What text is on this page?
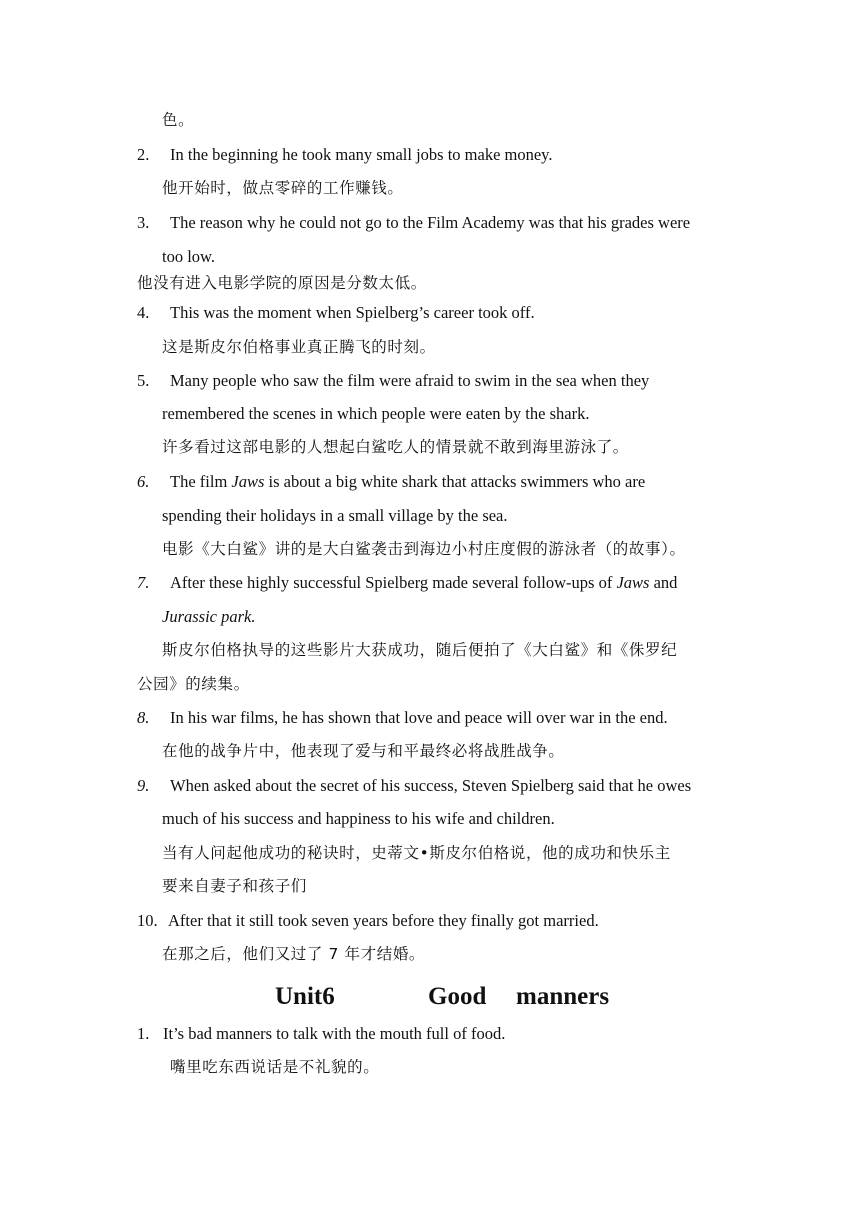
色。
2. In the beginning he took many small jobs to make money.
他开始时，做点零碎的工作赚钱。
3. The reason why he could not go to the Film Academy was that his grades were
too low.
他没有进入电影学院的原因是分数太低。
4. This was the moment when Spielberg’s career took off.
这是斯皮尔伯格事业真正腾飞的时刻。
5. Many people who saw the film were afraid to swim in the sea when they
remembered the scenes in which people were eaten by the shark.
许多看过这部电影的人想起白鲨吃人的情景就不敢到海里游泳了。
6. The film Jaws is about a big white shark that attacks swimmers who are
spending their holidays in a small village by the sea.
电影《大白鲨》讲的是大白鲨袭击到海边小村庄度假的游泳者（的故事）。
7. After these highly successful Spielberg made several follow-ups of Jaws and
Jurassic park.
斯皮尔伯格执导的这些影片大获成功，随后便拍了《大白鲨》和《侏罗纪
公园》的续集。
8. In his war films, he has shown that love and peace will over war in the end.
在他的战争片中，他表现了爱与和平最终必将战胜战争。
9. When asked about the secret of his success, Steven Spielberg said that he owes
much of his success and happiness to his wife and children.
当有人问起他成功的秘诀时，史蒂文•斯皮尔伯格说，他的成功和快乐主
要来自妻子和孩子们
10. After that it still took seven years before they finally got married.
在那之后，他们又过了 7 年才结婚。
Unit6	Good manners
1. It’s bad manners to talk with the mouth full of food.
嘴里吃东西说话是不礼貌的。
